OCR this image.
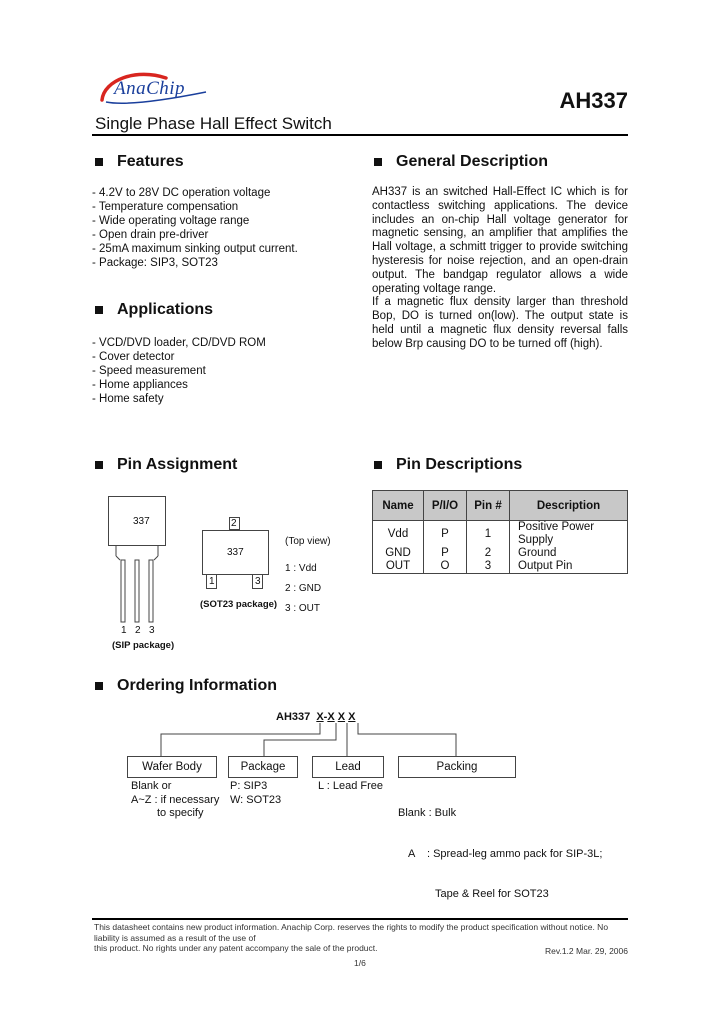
AnaChip	AH337
Single Phase Hall Effect Switch
Features
- 4.2V to 28V DC operation voltage
- Temperature compensation
- Wide operating voltage range
- Open drain pre-driver
- 25mA maximum sinking output current.
- Package: SIP3, SOT23
Applications
- VCD/DVD loader, CD/DVD ROM
- Cover detector
- Speed measurement
- Home appliances
- Home safety
General Description

AH337 is an switched Hall-Effect IC which is for contactless switching applications. The device includes an on-chip Hall voltage generator for magnetic sensing, an amplifier that amplifies the Hall voltage, a schmitt trigger to provide switching hysteresis for noise rejection, and an open-drain output. The bandgap regulator allows a wide operating voltage range.

If a magnetic flux density larger than threshold Bop, DO is turned on(low). The output state is held until a magnetic flux density reversal falls below Brp causing DO to be turned off (high).

Pin Assignment
337
1 2 3
(SIP package)
2
337
1	3
(SOT23 package)
(Top view)
1 : Vdd
2 : GND
3 : OUT
Pin Descriptions
Name	P/I/O	Pin #	Description
Vdd	P	1	Positive Power Supply
GND	P	2	Ground
OUT	O	3	Output Pin
Ordering Information
AH337 X-X X X
Wafer Body	Package	Lead	Packing
Blank or
A~Z : if necessary
to specify
P: SIP3
W: SOT23
L : Lead Free

Blank : Bulk

A    : Spread-leg ammo pack for SIP-3L;

Tape & Reel for SOT23

This datasheet contains new product information. Anachip Corp. reserves the rights to modify the product specification without notice. No liability is assumed as a result of the use of
this product. No rights under any patent accompany the sale of the product.	Rev.1.2 Mar. 29, 2006
1/6
